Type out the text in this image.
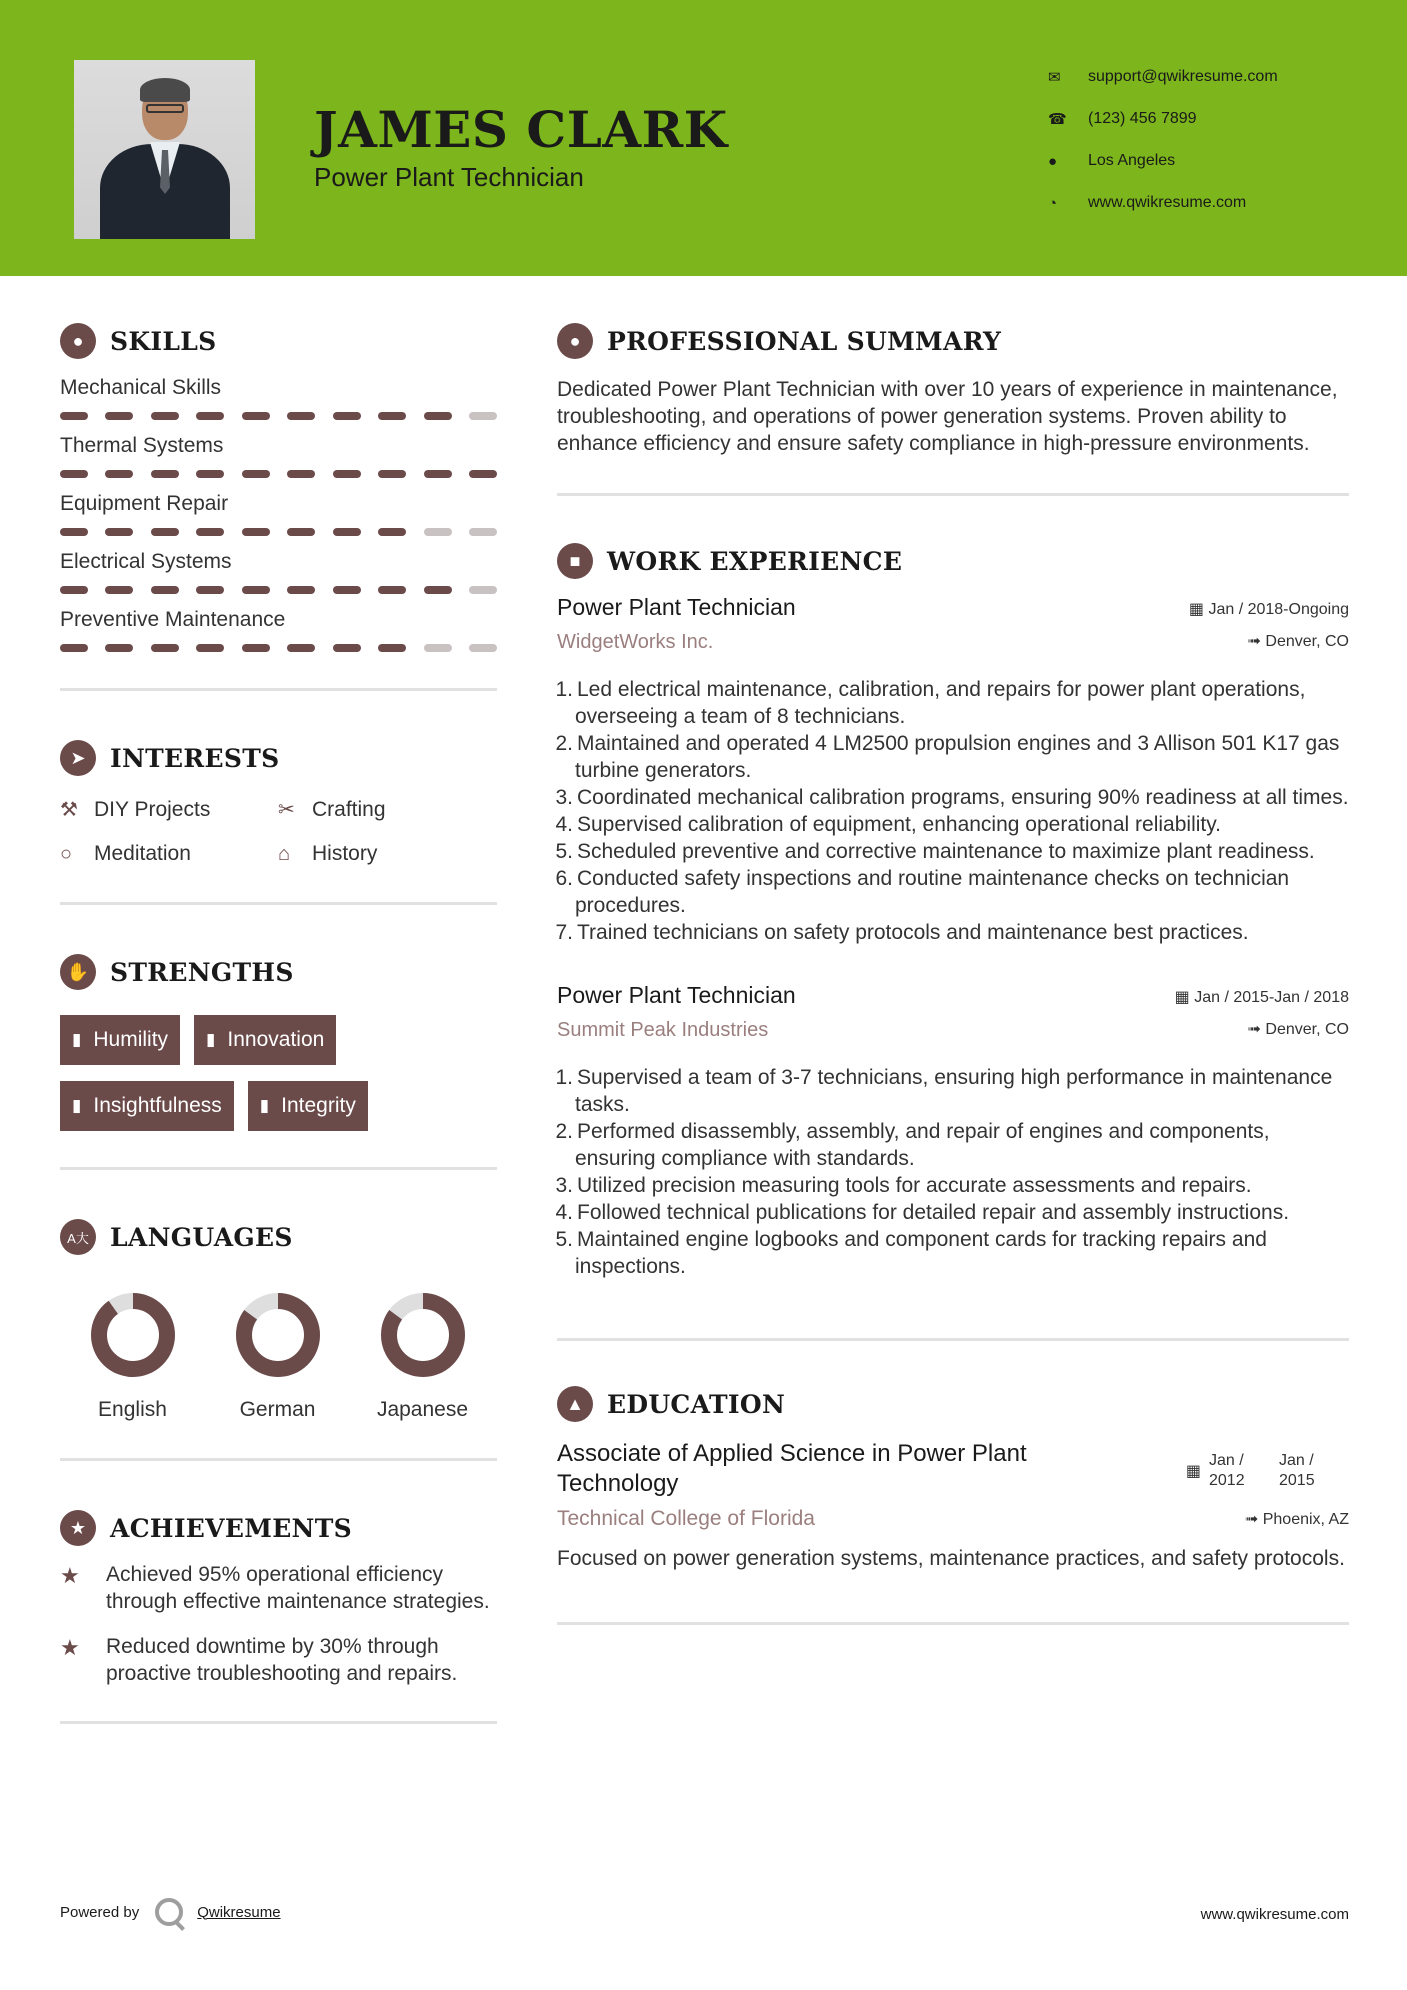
JAMES CLARK
Power Plant Technician
✉	support@qwikresume.com
☎	(123) 456 7899
●	Los Angeles
◔	www.qwikresume.com
●	SKILLS
Mechanical Skills
Thermal Systems
Equipment Repair
Electrical Systems
Preventive Maintenance
➤ INTERESTS
⚒ DIY Projects	✂ Crafting
○	Meditation	⌂	History
✋ STRENGTHS
▮ Humility ▮ Innovation
▮ Insightfulness ▮ Integrity
A大 LANGUAGES
English	German	Japanese
★ ACHIEVEMENTS
★	Achieved 95% operational efficiency through effective maintenance strategies.
★	Reduced downtime by 30% through proactive troubleshooting and repairs.
●	PROFESSIONAL SUMMARY
Dedicated Power Plant Technician with over 10 years of experience in maintenance, troubleshooting, and operations of power generation systems. Proven ability to enhance efficiency and ensure safety compliance in high-pressure environments.
■	WORK EXPERIENCE
Power Plant Technician
WidgetWorks Inc.
▦ Jan / 2018-Ongoing
➟ Denver, CO
1. Led electrical maintenance, calibration, and repairs for power plant operations, overseeing a team of 8 technicians.
2. Maintained and operated 4 LM2500 propulsion engines and 3 Allison 501 K17 gas turbine generators.
3. Coordinated mechanical calibration programs, ensuring 90% readiness at all times.
4. Supervised calibration of equipment, enhancing operational reliability.
5. Scheduled preventive and corrective maintenance to maximize plant readiness.
6. Conducted safety inspections and routine maintenance checks on technician procedures.
7. Trained technicians on safety protocols and maintenance best practices.
Power Plant Technician
Summit Peak Industries
▦ Jan / 2015-Jan / 2018
➟ Denver, CO
1. Supervised a team of 3-7 technicians, ensuring high performance in maintenance tasks.
2. Performed disassembly, assembly, and repair of engines and components, ensuring compliance with standards.
3. Utilized precision measuring tools for accurate assessments and repairs.
4. Followed technical publications for detailed repair and assembly instructions.
5. Maintained engine logbooks and component cards for tracking repairs and inspections.
▲ EDUCATION
Associate of Applied Science in Power Plant Technology	▦
Jan / 2012
Jan / 2015
Technical College of Florida	➟ Phoenix, AZ
Focused on power generation systems, maintenance practices, and safety protocols.
Powered by	Qwikresume	www.qwikresume.com
